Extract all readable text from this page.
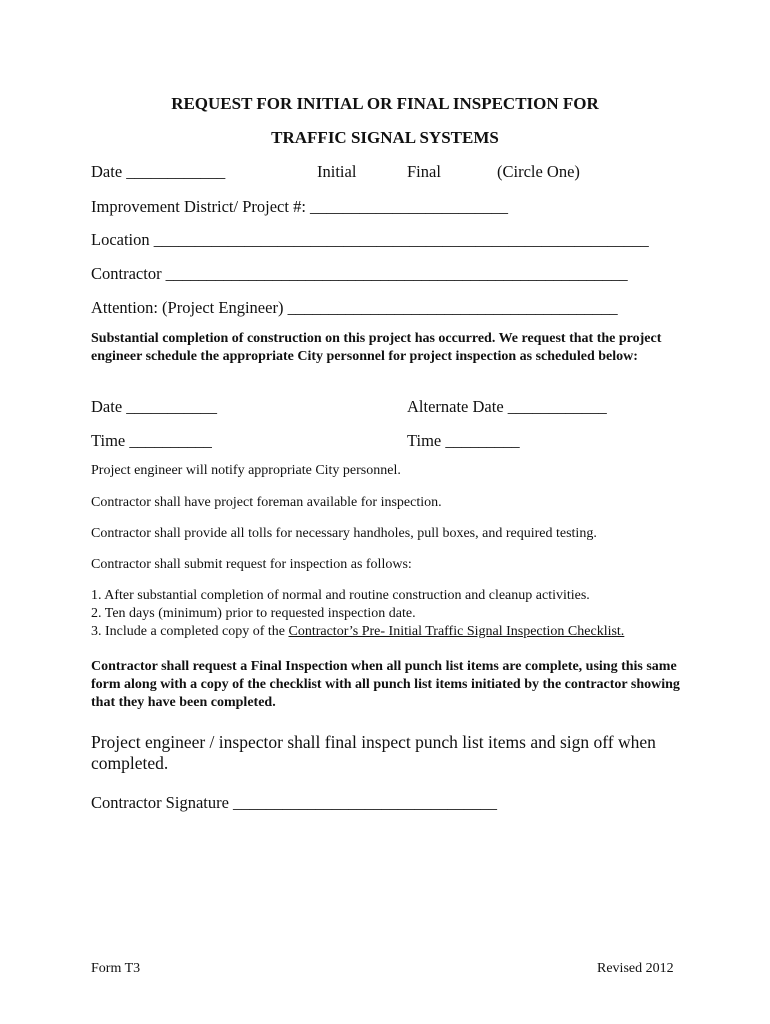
REQUEST FOR INITIAL OR FINAL INSPECTION FOR
TRAFFIC SIGNAL SYSTEMS
Date ____________	Initial	Final	(Circle One)
Improvement District/ Project #: ________________________
Location ____________________________________________________________
Contractor ________________________________________________________
Attention: (Project Engineer) ________________________________________
Substantial completion of construction on this project has occurred. We request that the project engineer schedule the appropriate City personnel for project inspection as scheduled below:
Date ___________	Alternate Date ____________
Time __________	Time _________
Project engineer will notify appropriate City personnel.
Contractor shall have project foreman available for inspection.
Contractor shall provide all tolls for necessary handholes, pull boxes, and required testing.
Contractor shall submit request for inspection as follows:
1. After substantial completion of normal and routine construction and cleanup activities.
2. Ten days (minimum) prior to requested inspection date.
3. Include a completed copy of the Contractor’s Pre- Initial Traffic Signal Inspection Checklist.
Contractor shall request a Final Inspection when all punch list items are complete, using this same form along with a copy of the checklist with all punch list items initiated by the contractor showing that they have been completed.
Project engineer / inspector shall final inspect punch list items and sign off when completed.
Contractor Signature ________________________________
Form T3	Revised 2012
